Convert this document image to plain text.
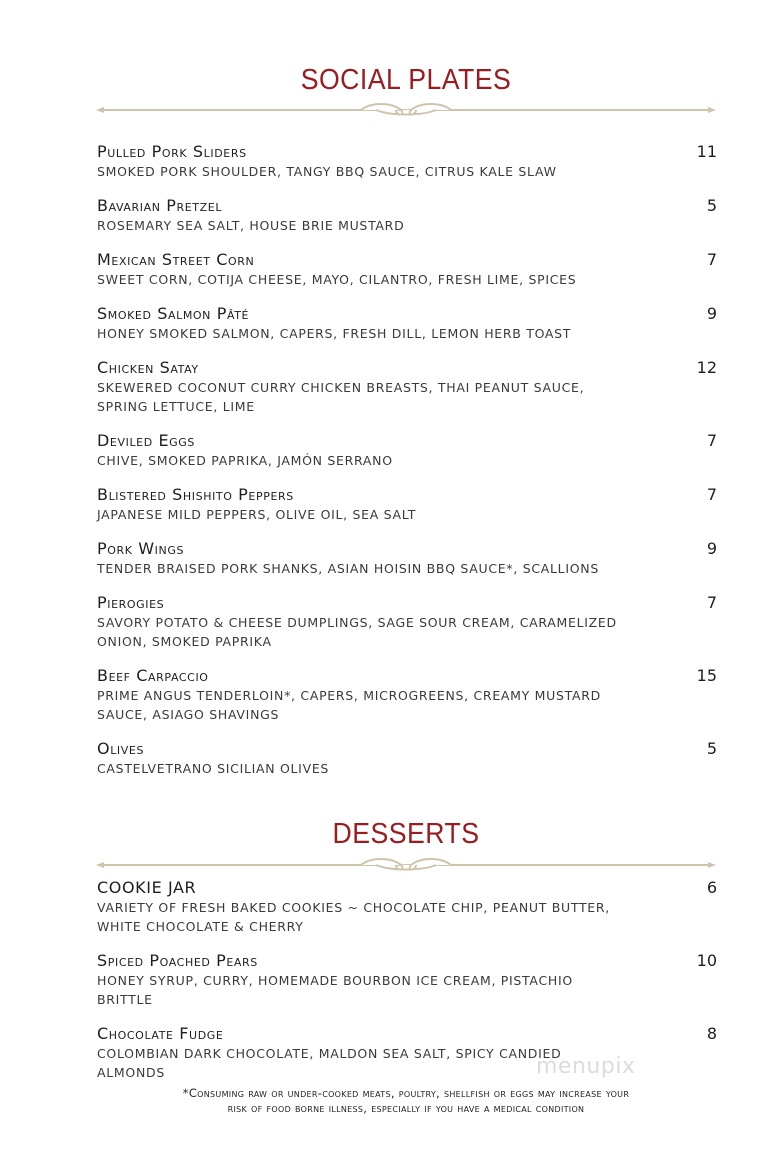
SOCIAL PLATES
Pulled Pork Sliders	11
SMOKED PORK SHOULDER, TANGY BBQ SAUCE, CITRUS KALE SLAW
Bavarian Pretzel	5
ROSEMARY SEA SALT, HOUSE BRIE MUSTARD
Mexican Street Corn	7
SWEET CORN, COTIJA CHEESE, MAYO, CILANTRO, FRESH LIME, SPICES
Smoked Salmon Pâté	9
HONEY SMOKED SALMON, CAPERS, FRESH DILL, LEMON HERB TOAST
Chicken Satay	12
SKEWERED COCONUT CURRY CHICKEN BREASTS, THAI PEANUT SAUCE, SPRING LETTUCE, LIME
Deviled Eggs	7
CHIVE, SMOKED PAPRIKA, JAMÓN SERRANO
Blistered Shishito Peppers	7
JAPANESE MILD PEPPERS, OLIVE OIL, SEA SALT
Pork Wings	9
TENDER BRAISED PORK SHANKS, ASIAN HOISIN BBQ SAUCE*, SCALLIONS
Pierogies	7
SAVORY POTATO & CHEESE DUMPLINGS, SAGE SOUR CREAM, CARAMELIZED ONION, SMOKED PAPRIKA
Beef Carpaccio	15
PRIME ANGUS TENDERLOIN*, CAPERS, MICROGREENS, CREAMY MUSTARD SAUCE, ASIAGO SHAVINGS
Olives	5
CASTELVETRANO SICILIAN OLIVES
DESSERTS
COOKIE JAR	6
VARIETY OF FRESH BAKED COOKIES ~ CHOCOLATE CHIP, PEANUT BUTTER, WHITE CHOCOLATE & CHERRY
Spiced Poached Pears	10
HONEY SYRUP, CURRY, HOMEMADE BOURBON ICE CREAM, PISTACHIO BRITTLE
Chocolate Fudge	8
COLOMBIAN DARK CHOCOLATE, MALDON SEA SALT, SPICY CANDIED ALMONDS	menupix
*Consuming raw or under-cooked meats, poultry, shellfish or eggs may increase your
risk of food borne illness, especially if you have a medical condition
